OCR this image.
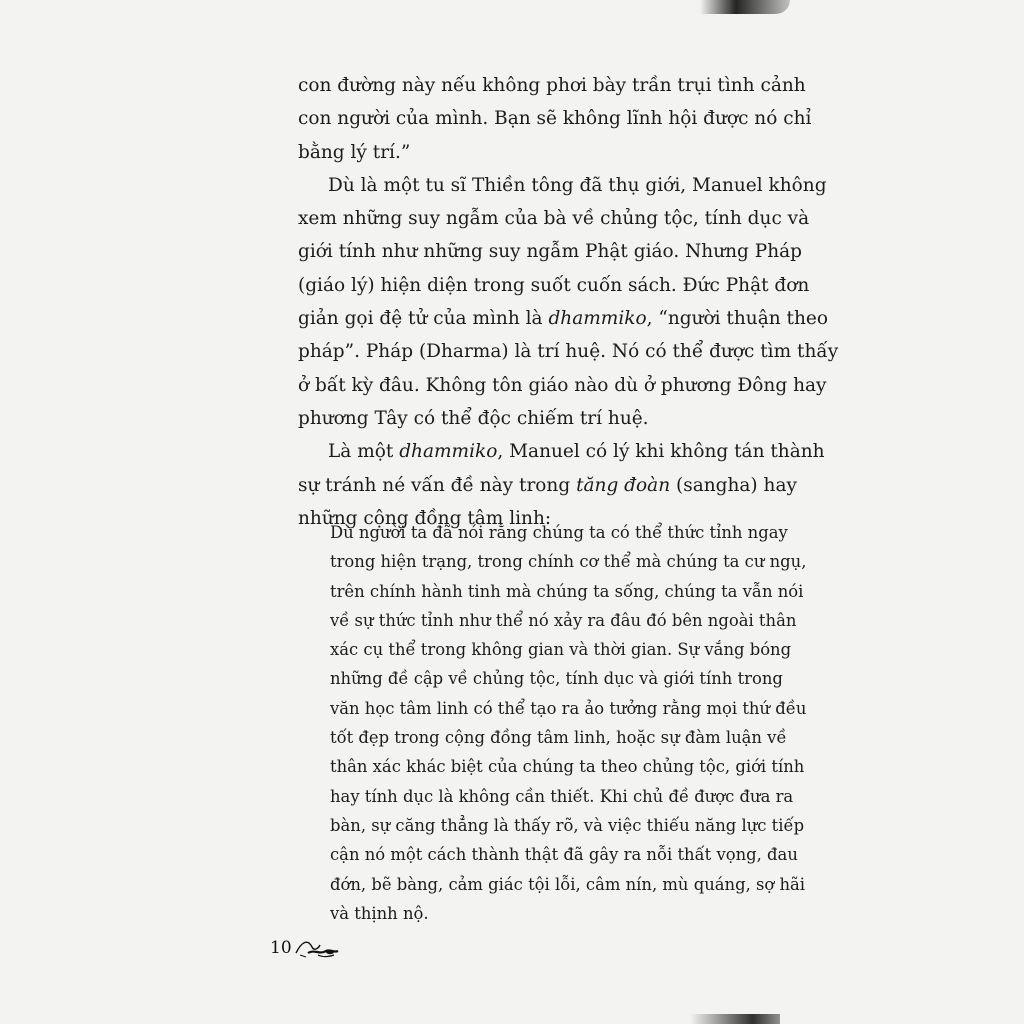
con đường này nếu không phơi bày trần trụi tình cảnh
con người của mình. Bạn sẽ không lĩnh hội được nó chỉ
bằng lý trí.”
Dù là một tu sĩ Thiền tông đã thụ giới, Manuel không
xem những suy ngẫm của bà về chủng tộc, tính dục và
giới tính như những suy ngẫm Phật giáo. Nhưng Pháp
(giáo lý) hiện diện trong suốt cuốn sách. Đức Phật đơn
giản gọi đệ tử của mình là dhammiko, “người thuận theo
pháp”. Pháp (Dharma) là trí huệ. Nó có thể được tìm thấy
ở bất kỳ đâu. Không tôn giáo nào dù ở phương Đông hay
phương Tây có thể độc chiếm trí huệ.
Là một dhammiko, Manuel có lý khi không tán thành
sự tránh né vấn đề này trong tăng đoàn (sangha) hay
những cộng đồng tâm linh:
Dù người ta đã nói rằng chúng ta có thể thức tỉnh ngay
trong hiện trạng, trong chính cơ thể mà chúng ta cư ngụ,
trên chính hành tinh mà chúng ta sống, chúng ta vẫn nói
về sự thức tỉnh như thể nó xảy ra đâu đó bên ngoài thân
xác cụ thể trong không gian và thời gian. Sự vắng bóng
những đề cập về chủng tộc, tính dục và giới tính trong
văn học tâm linh có thể tạo ra ảo tưởng rằng mọi thứ đều
tốt đẹp trong cộng đồng tâm linh, hoặc sự đàm luận về
thân xác khác biệt của chúng ta theo chủng tộc, giới tính
hay tính dục là không cần thiết. Khi chủ đề được đưa ra
bàn, sự căng thẳng là thấy rõ, và việc thiếu năng lực tiếp
cận nó một cách thành thật đã gây ra nỗi thất vọng, đau
đớn, bẽ bàng, cảm giác tội lỗi, câm nín, mù quáng, sợ hãi
và thịnh nộ.
10
